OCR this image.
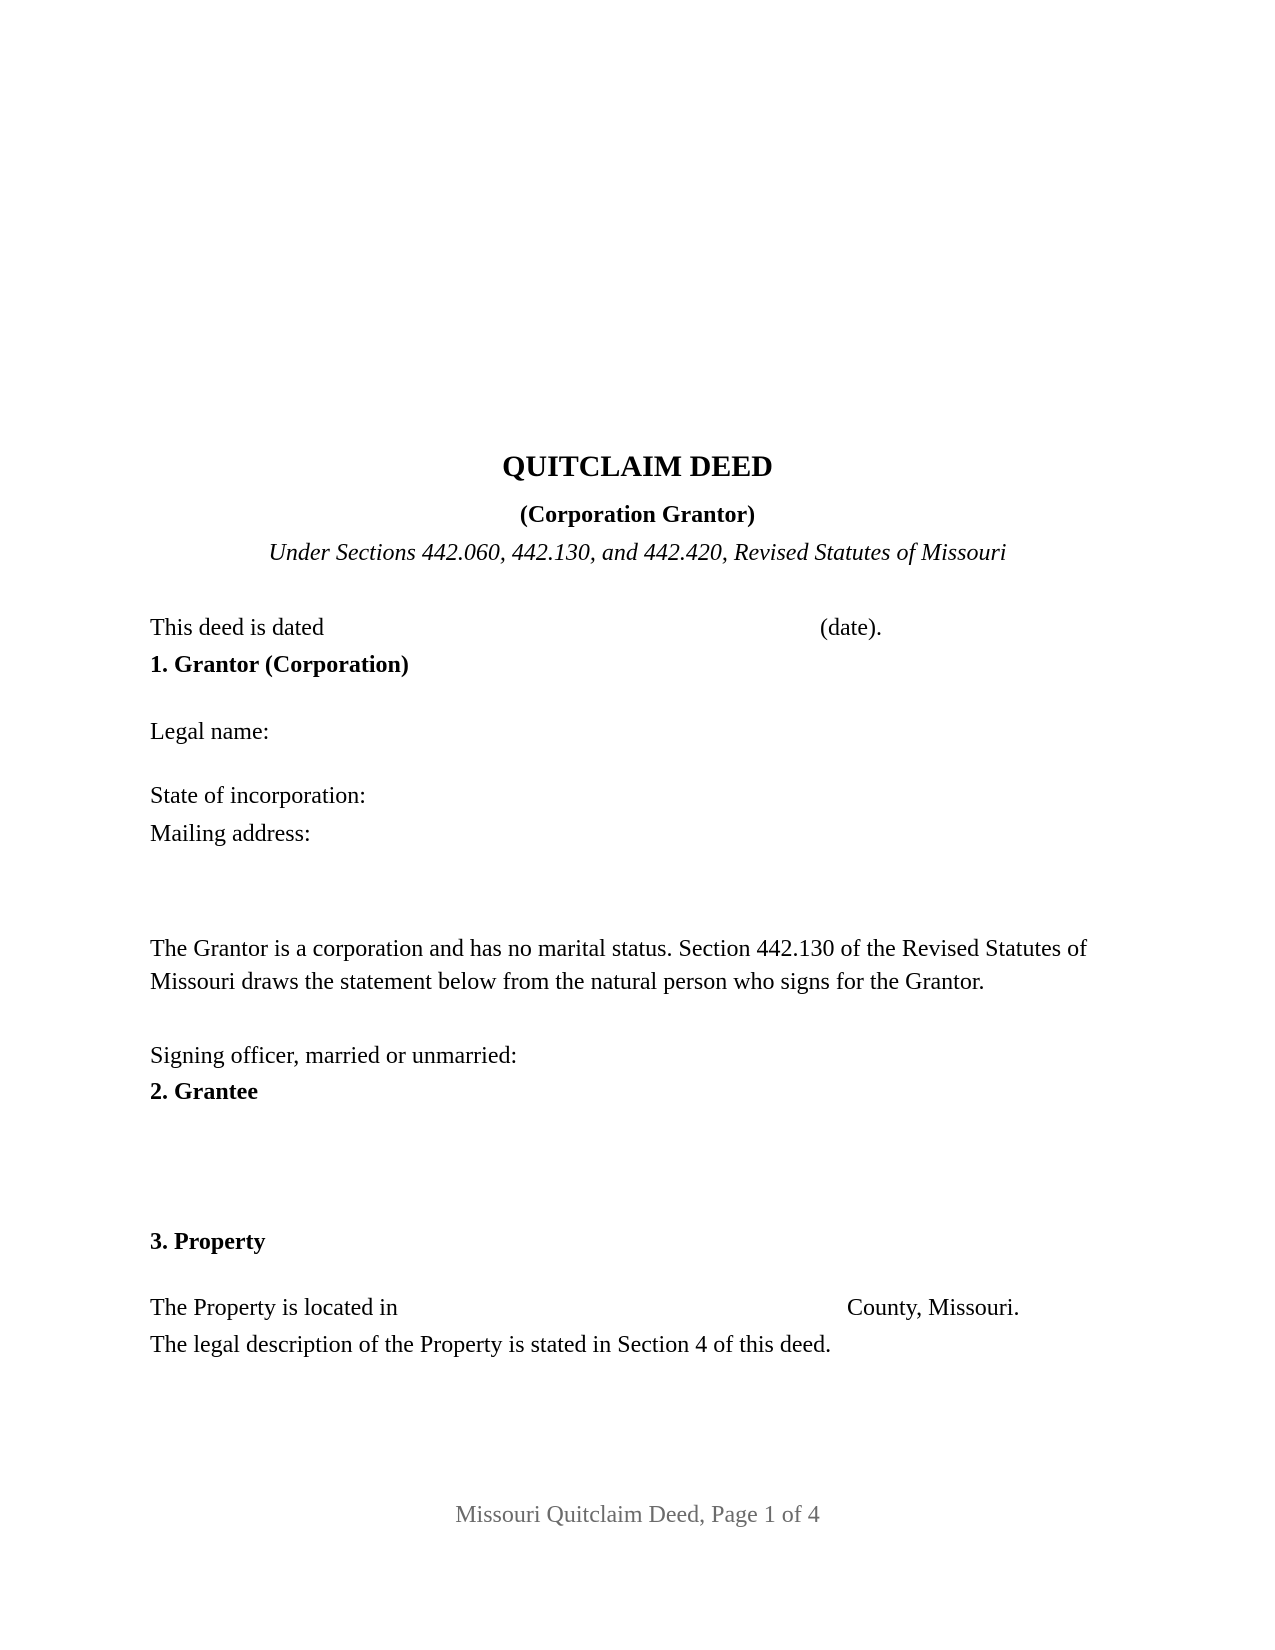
QUITCLAIM DEED
(Corporation Grantor)
Under Sections 442.060, 442.130, and 442.420, Revised Statutes of Missouri
This deed is dated	(date).
1. Grantor (Corporation)
Legal name:
State of incorporation:
Mailing address:
The Grantor is a corporation and has no marital status. Section 442.130 of the Revised Statutes of Missouri draws the statement below from the natural person who signs for the Grantor.
Signing officer, married or unmarried:
2. Grantee
3. Property
The Property is located in	County, Missouri.
The legal description of the Property is stated in Section 4 of this deed.
Missouri Quitclaim Deed, Page 1 of 4
